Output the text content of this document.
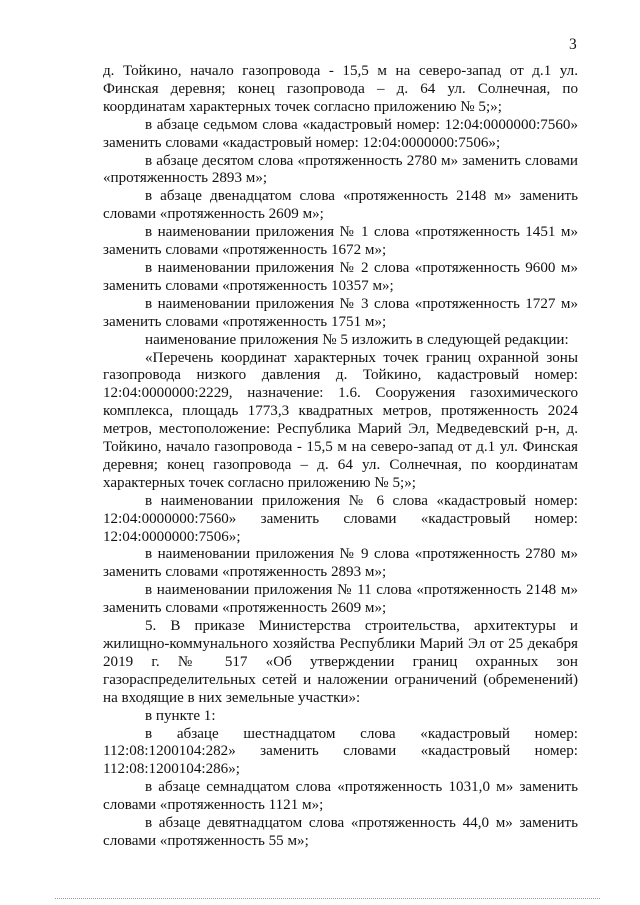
3

д. Тойкино, начало газопровода - 15,5 м на северо-запад от д.1 ул. Финская деревня; конец газопровода – д. 64 ул. Солнечная, по координатам характерных точек согласно приложению № 5;»;

в абзаце седьмом слова «кадастровый номер: 12:04:0000000:7560» заменить словами «кадастровый номер: 12:04:0000000:7506»;

в абзаце десятом слова «протяженность 2780 м» заменить словами «протяженность 2893 м»;

в абзаце двенадцатом слова «протяженность 2148 м» заменить словами «протяженность 2609 м»;

в наименовании приложения № 1 слова «протяженность 1451 м» заменить словами «протяженность 1672 м»;

в наименовании приложения № 2 слова «протяженность 9600 м» заменить словами «протяженность 10357 м»;

в наименовании приложения № 3 слова «протяженность 1727 м» заменить словами «протяженность 1751 м»;

наименование приложения № 5 изложить в следующей редакции:

«Перечень координат характерных точек границ охранной зоны газопровода низкого давления д. Тойкино, кадастровый номер: 12:04:0000000:2229, назначение: 1.6. Сооружения газохимического комплекса, площадь 1773,3 квадратных метров, протяженность 2024 метров, местоположение: Республика Марий Эл, Медведевский р-н, д. Тойкино, начало газопровода - 15,5 м на северо-запад от д.1 ул. Финская деревня; конец газопровода – д. 64 ул. Солнечная, по координатам характерных точек согласно приложению № 5;»;

в наименовании приложения № 6 слова «кадастровый номер: 12:04:0000000:7560» заменить словами «кадастровый номер: 12:04:0000000:7506»;

в наименовании приложения № 9 слова «протяженность 2780 м» заменить словами «протяженность 2893 м»;

в наименовании приложения № 11 слова «протяженность 2148 м» заменить словами «протяженность 2609 м»;

5. В приказе Министерства строительства, архитектуры и жилищно-коммунального хозяйства Республики Марий Эл от 25 декабря 2019 г. № 517 «Об утверждении границ охранных зон газораспределительных сетей и наложении ограничений (обременений) на входящие в них земельные участки»:

в пункте 1:

в абзаце шестнадцатом слова «кадастровый номер: 112:08:1200104:282» заменить словами «кадастровый номер: 112:08:1200104:286»;

в абзаце семнадцатом слова «протяженность 1031,0 м» заменить словами «протяженность 1121 м»;

в абзаце девятнадцатом слова «протяженность 44,0 м» заменить словами «протяженность 55 м»;
